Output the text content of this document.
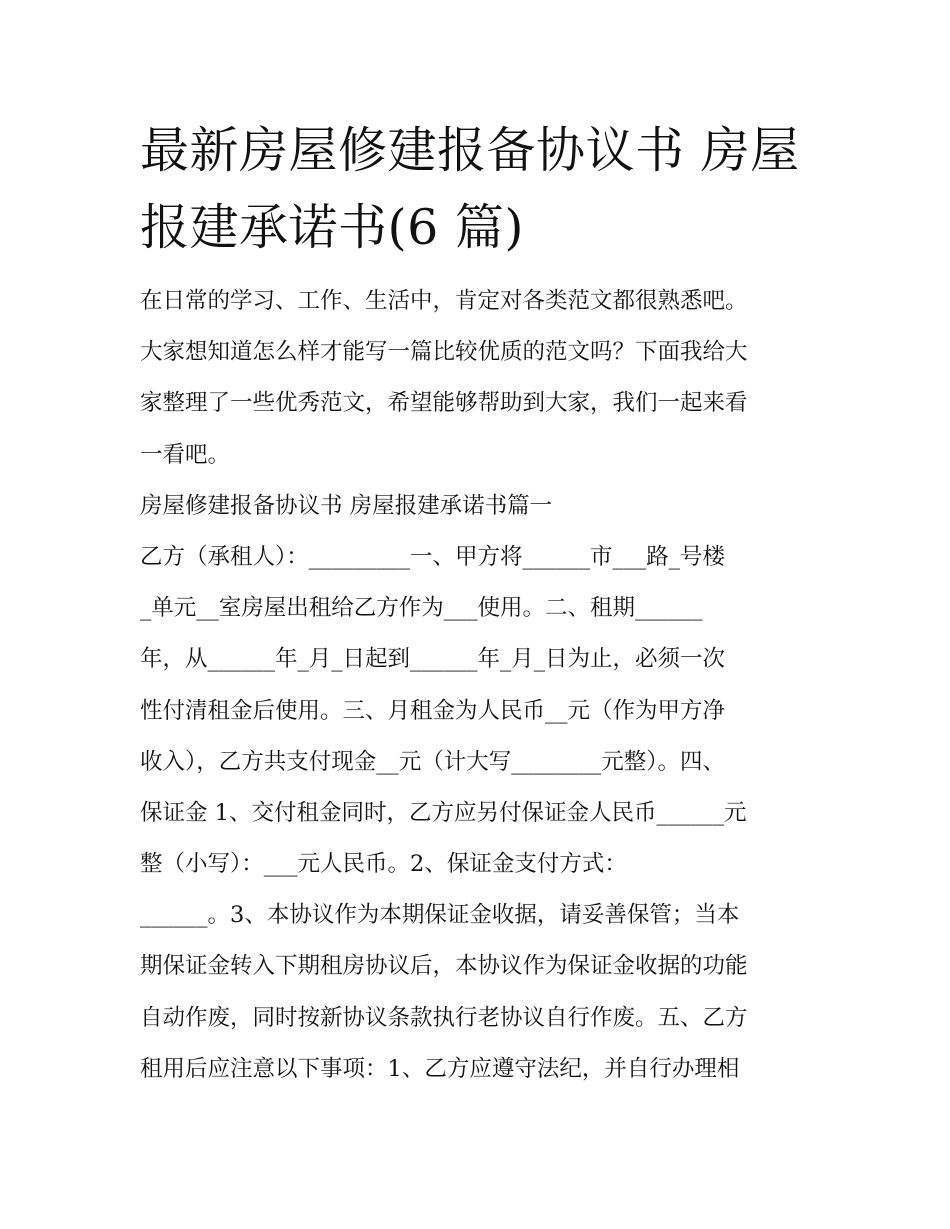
最新房屋修建报备协议书 房屋
报建承诺书(6 篇)
在日常的学习、工作、生活中，肯定对各类范文都很熟悉吧。
大家想知道怎么样才能写一篇比较优质的范文吗？下面我给大
家整理了一些优秀范文，希望能够帮助到大家，我们一起来看
一看吧。
房屋修建报备协议书 房屋报建承诺书篇一
乙方（承租人）：_________一、甲方将______市___路_号楼
_单元__室房屋出租给乙方作为___使用。二、租期______
年，从______年_月_日起到______年_月_日为止，必须一次
性付清租金后使用。三、月租金为人民币__元（作为甲方净
收入），乙方共支付现金__元（计大写________元整）。四、
保证金 1、交付租金同时，乙方应另付保证金人民币______元
整（小写）：___元人民币。2、保证金支付方式：
______。3、本协议作为本期保证金收据，请妥善保管；当本
期保证金转入下期租房协议后，本协议作为保证金收据的功能
自动作废，同时按新协议条款执行老协议自行作废。五、乙方
租用后应注意以下事项：1、乙方应遵守法纪，并自行办理相
